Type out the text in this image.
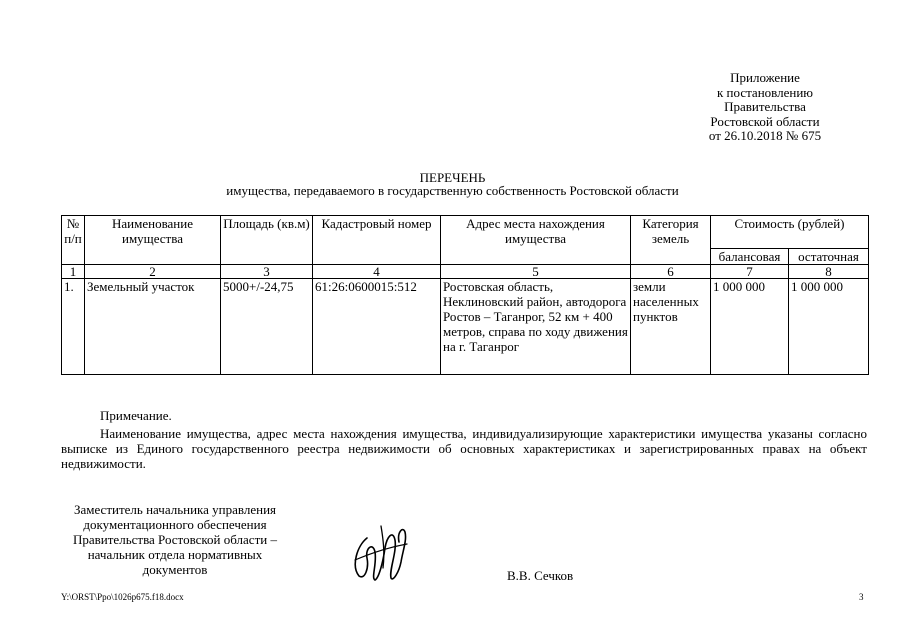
Приложение
к постановлению
Правительства
Ростовской области
от 26.10.2018 № 675
ПЕРЕЧЕНЬ
имущества, передаваемого в государственную собственность Ростовской области
№ п/п	Наименование имущества	Площадь (кв.м)	Кадастровый номер	Адрес места нахождения имущества	Категория земель	Стоимость (рублей)	
						балансовая	остаточная
1	2	3	4	5	6	7	8
1.	Земельный участок	5000+/-24,75	61:26:0600015:512	Ростовская область, Неклиновский район, автодорога Ростов – Таганрог, 52 км + 400 метров, справа по ходу движения на г. Таганрог	земли населенных пунктов	1 000 000	1 000 000
Примечание.
Наименование имущества, адрес места нахождения имущества, индивидуализирующие характеристики имущества указаны согласно выписке из Единого государственного реестра недвижимости об основных характеристиках и зарегистрированных правах на объект недвижимости.
Заместитель начальника управления документационного обеспечения Правительства Ростовской области – начальник отдела нормативных документов	В.В. Сечков
Y:\ORST\Ppo\1026p675.f18.docx	3
